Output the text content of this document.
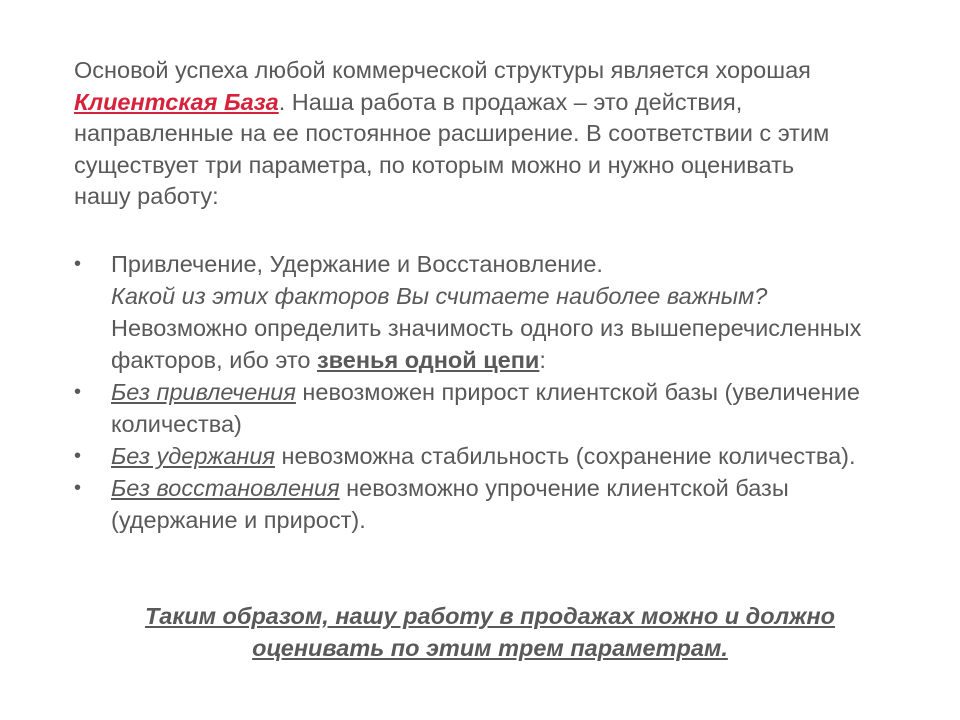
Основой успеха любой коммерческой структуры является хорошая Клиентская База. Наша работа в продажах – это действия, направленные на ее постоянное расширение. В соответствии с этим существует три параметра, по которым можно и нужно оценивать нашу работу:

• Привлечение, Удержание и Восстановление.
Какой из этих факторов Вы считаете наиболее важным?
Невозможно определить значимость одного из вышеперечисленных факторов, ибо это звенья одной цепи:
• Без привлечения невозможен прирост клиентской базы (увеличение количества)
• Без удержания невозможна стабильность (сохранение количества).
• Без восстановления невозможно упрочение клиентской базы (удержание и прирост).

Таким образом, нашу работу в продажах можно и должно оценивать по этим трем параметрам.
